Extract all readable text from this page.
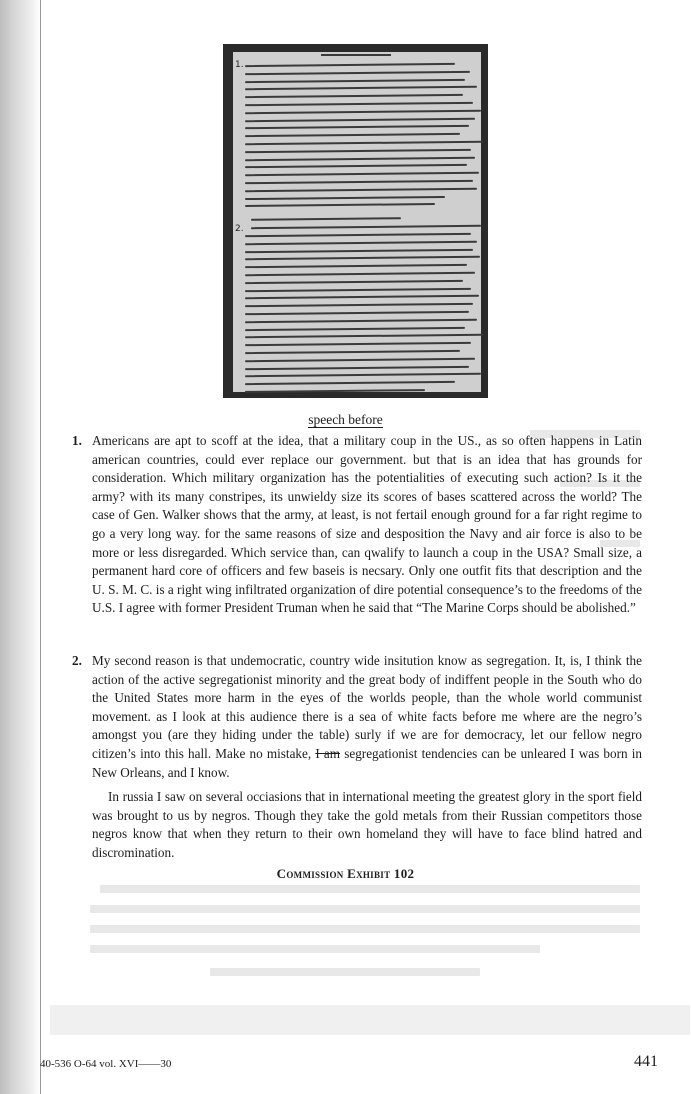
1.
2.
speech before
1. Americans are apt to scoff at the idea, that a military coup in the US., as so often happens in Latin american countries, could ever replace our government. but that is an idea that has grounds for consideration. Which military organization has the potentialities of executing such action? Is it the army? with its many constripes, its unwieldy size its scores of bases scattered across the world? The case of Gen. Walker shows that the army, at least, is not fertail enough ground for a far right regime to go a very long way. for the same reasons of size and desposition the Navy and air force is also to be more or less disregarded. Which service than, can qwalify to launch a coup in the USA? Small size, a permanent hard core of officers and few baseis is necsary. Only one outfit fits that description and the U. S. M. C. is a right wing infiltrated organization of dire potential consequence’s to the freedoms of the U.S. I agree with former President Truman when he said that “The Marine Corps should be abolished.”
2. My second reason is that undemocratic, country wide insitution know as segregation. It, is, I think the action of the active segregationist minority and the great body of indiffent people in the South who do the United States more harm in the eyes of the worlds people, than the whole world communist movement. as I look at this audience there is a sea of white facts before me where are the negro’s amongst you (are they hiding under the table) surly if we are for democracy, let our fellow negro citizen’s into this hall. Make no mistake, I am segregationist tendencies can be unleared I was born in New Orleans, and I know.
In russia I saw on several occiasions that in international meeting the greatest glory in the sport field was brought to us by negros. Though they take the gold metals from their Russian competitors those negros know that when they return to their own homeland they will have to face blind hatred and discromination.
Commission Exhibit 102
40-536 O-64 vol. XVI——30	441
